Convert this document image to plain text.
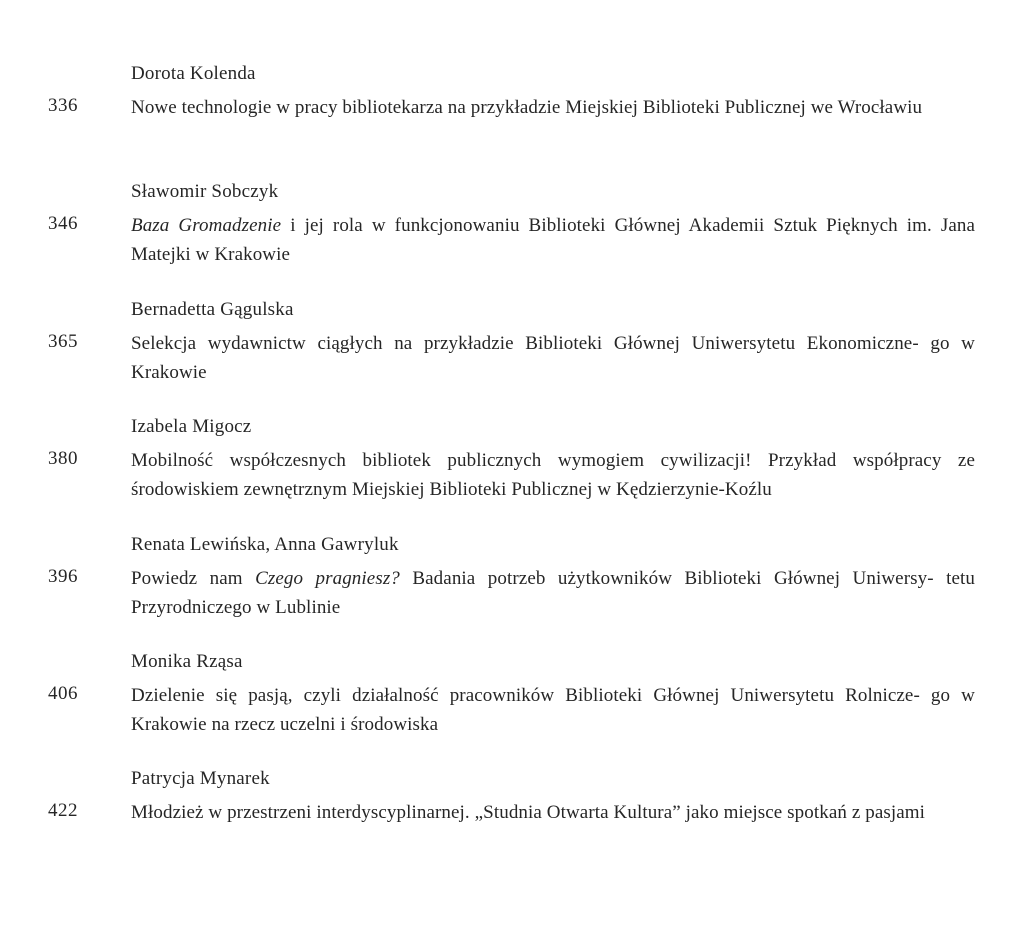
Dorota Kolenda
336	Nowe technologie w pracy bibliotekarza na przykładzie Miejskiej Biblioteki Publicznej we Wrocławiu
Sławomir Sobczyk
346	Baza Gromadzenie i jej rola w funkcjonowaniu Biblioteki Głównej Akademii Sztuk Pięknych im. Jana Matejki w Krakowie
Bernadetta Gągulska
365	Selekcja wydawnictw ciągłych na przykładzie Biblioteki Głównej Uniwersytetu Ekonomiczne- go w Krakowie
Izabela Migocz
380	Mobilność współczesnych bibliotek publicznych wymogiem cywilizacji! Przykład współpracy ze środowiskiem zewnętrznym Miejskiej Biblioteki Publicznej w Kędzierzynie-Koźlu
Renata Lewińska, Anna Gawryluk
396	Powiedz nam Czego pragniesz? Badania potrzeb użytkowników Biblioteki Głównej Uniwersy- tetu Przyrodniczego w Lublinie
Monika Rząsa
406	Dzielenie się pasją, czyli działalność pracowników Biblioteki Głównej Uniwersytetu Rolnicze- go w Krakowie na rzecz uczelni i środowiska
Patrycja Mynarek
422	Młodzież w przestrzeni interdyscyplinarnej. „Studnia Otwarta Kultura” jako miejsce spotkań z pasjami
